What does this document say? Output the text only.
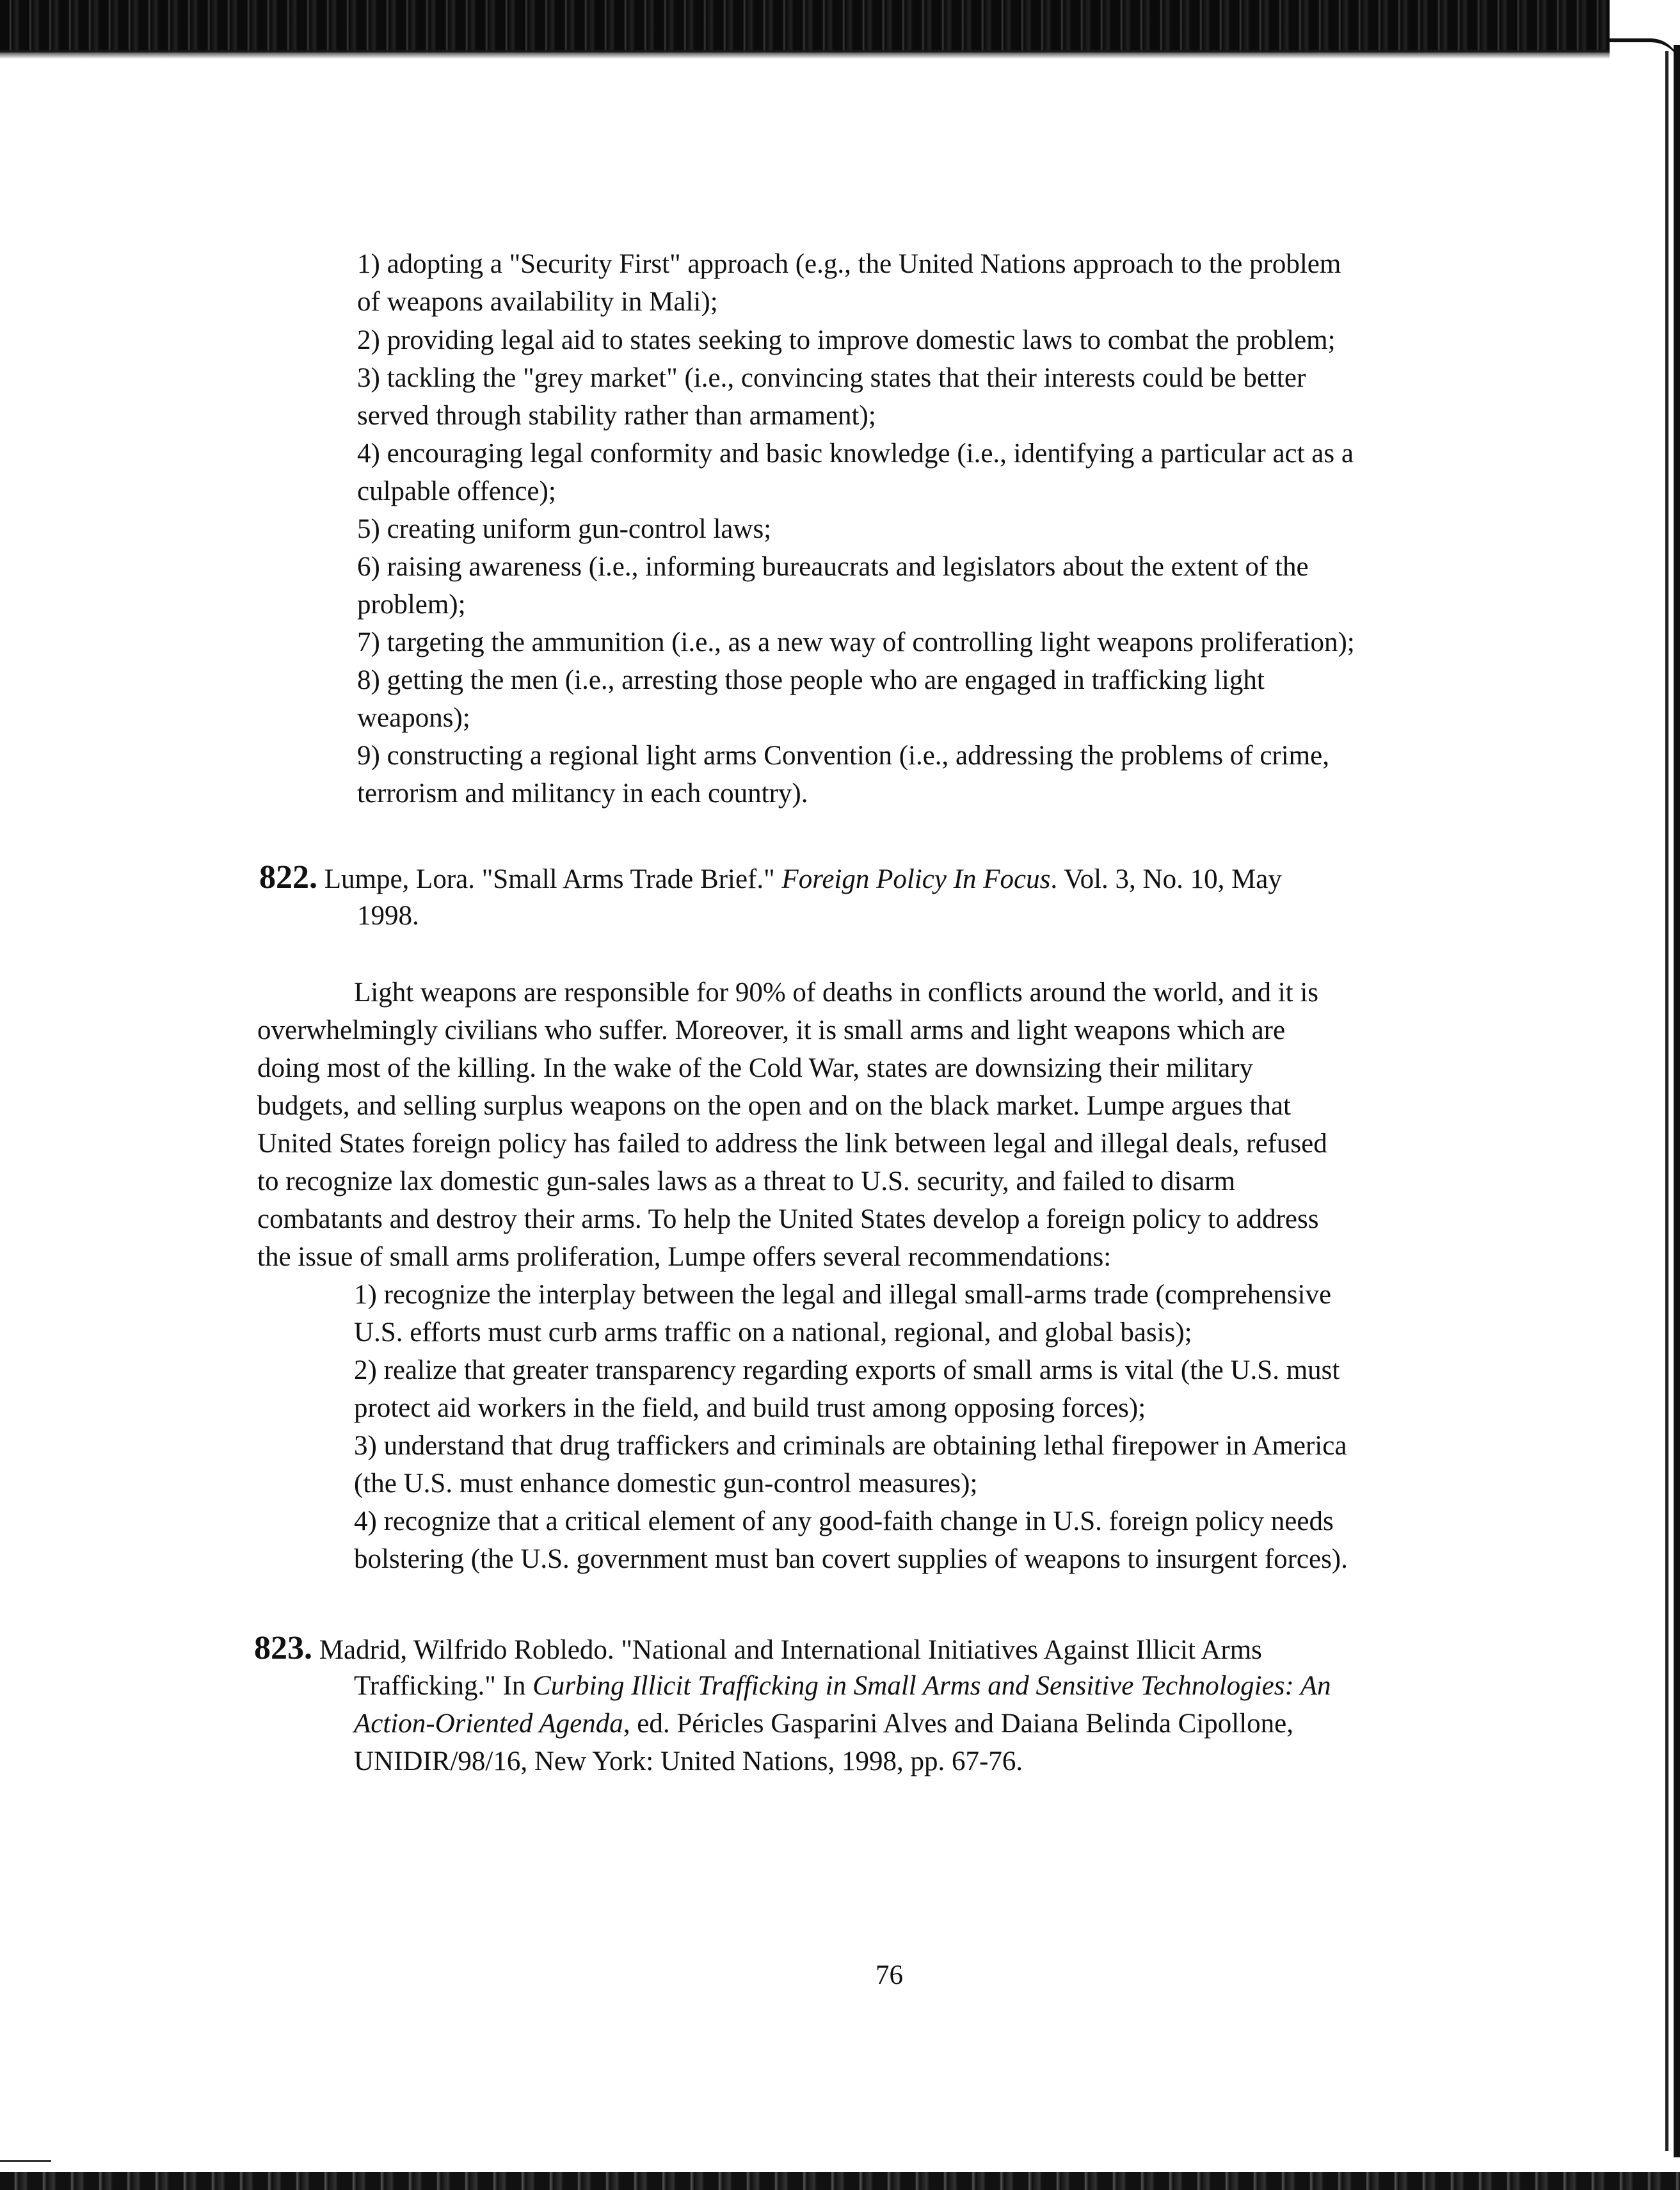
1) adopting a "Security First" approach (e.g., the United Nations approach to the problem
of weapons availability in Mali);
2) providing legal aid to states seeking to improve domestic laws to combat the problem;
3) tackling the "grey market" (i.e., convincing states that their interests could be better
served through stability rather than armament);
4) encouraging legal conformity and basic knowledge (i.e., identifying a particular act as a
culpable offence);
5) creating uniform gun-control laws;
6) raising awareness (i.e., informing bureaucrats and legislators about the extent of the
problem);
7) targeting the ammunition (i.e., as a new way of controlling light weapons proliferation);
8) getting the men (i.e., arresting those people who are engaged in trafficking light
weapons);
9) constructing a regional light arms Convention (i.e., addressing the problems of crime,
terrorism and militancy in each country).
822. Lumpe, Lora. "Small Arms Trade Brief." Foreign Policy In Focus. Vol. 3, No. 10, May
1998.
Light weapons are responsible for 90% of deaths in conflicts around the world, and it is
overwhelmingly civilians who suffer. Moreover, it is small arms and light weapons which are
doing most of the killing. In the wake of the Cold War, states are downsizing their military
budgets, and selling surplus weapons on the open and on the black market. Lumpe argues that
United States foreign policy has failed to address the link between legal and illegal deals, refused
to recognize lax domestic gun-sales laws as a threat to U.S. security, and failed to disarm
combatants and destroy their arms. To help the United States develop a foreign policy to address
the issue of small arms proliferation, Lumpe offers several recommendations:
1) recognize the interplay between the legal and illegal small-arms trade (comprehensive
U.S. efforts must curb arms traffic on a national, regional, and global basis);
2) realize that greater transparency regarding exports of small arms is vital (the U.S. must
protect aid workers in the field, and build trust among opposing forces);
3) understand that drug traffickers and criminals are obtaining lethal firepower in America
(the U.S. must enhance domestic gun-control measures);
4) recognize that a critical element of any good-faith change in U.S. foreign policy needs
bolstering (the U.S. government must ban covert supplies of weapons to insurgent forces).
823. Madrid, Wilfrido Robledo. "National and International Initiatives Against Illicit Arms
Trafficking." In Curbing Illicit Trafficking in Small Arms and Sensitive Technologies: An
Action-Oriented Agenda, ed. Péricles Gasparini Alves and Daiana Belinda Cipollone,
UNIDIR/98/16, New York: United Nations, 1998, pp. 67-76.
76
